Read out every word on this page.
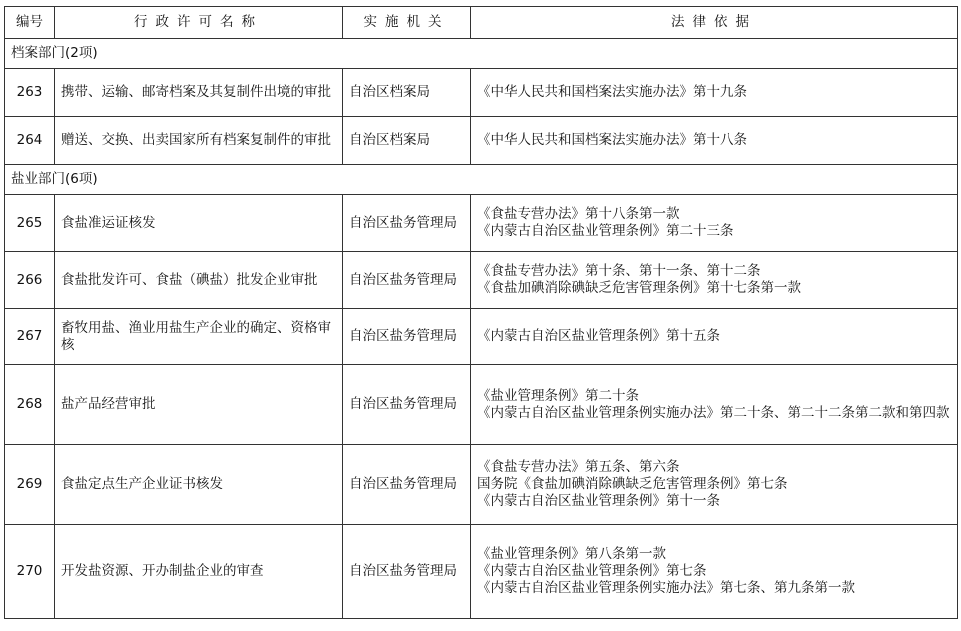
编号	行政许可名称	实施机关	法律依据
档案部门(2项)			
263	携带、运输、邮寄档案及其复制件出境的审批	自治区档案局	《中华人民共和国档案法实施办法》第十九条
264	赠送、交换、出卖国家所有档案复制件的审批	自治区档案局	《中华人民共和国档案法实施办法》第十八条
盐业部门(6项)			
265	食盐准运证核发	自治区盐务管理局	《食盐专营办法》第十八条第一款
《内蒙古自治区盐业管理条例》第二十三条
266	食盐批发许可、食盐（碘盐）批发企业审批	自治区盐务管理局	《食盐专营办法》第十条、第十一条、第十二条
《食盐加碘消除碘缺乏危害管理条例》第十七条第一款
267	畜牧用盐、渔业用盐生产企业的确定、资格审核	自治区盐务管理局	《内蒙古自治区盐业管理条例》第十五条
268	盐产品经营审批	自治区盐务管理局	《盐业管理条例》第二十条
《内蒙古自治区盐业管理条例实施办法》第二十条、第二十二条第二款和第四款
269	食盐定点生产企业证书核发	自治区盐务管理局	《食盐专营办法》第五条、第六条
国务院《食盐加碘消除碘缺乏危害管理条例》第七条
《内蒙古自治区盐业管理条例》第十一条
270	开发盐资源、开办制盐企业的审查	自治区盐务管理局	《盐业管理条例》第八条第一款
《内蒙古自治区盐业管理条例》第七条
《内蒙古自治区盐业管理条例实施办法》第七条、第九条第一款
